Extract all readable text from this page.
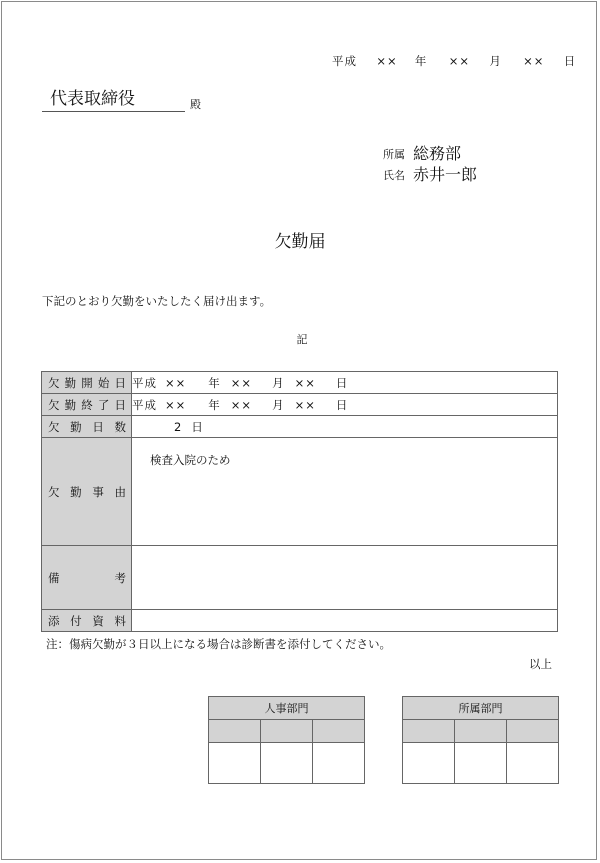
平成 ×× 年 ×× 月 ×× 日
代表取締役	殿
所属 総務部
氏名 赤井一郎
欠勤届
下記のとおり欠勤をいたしたく届け出ます。
記
欠 勤 開 始 日	平成 ×× 年 ×× 月 ×× 日

欠 勤 終 了 日	平成 ×× 年 ×× 月 ×× 日

欠 勤 日 数	2 日

欠 勤 事 由	検査入院のため

備 考	

添 付 資 料	

注：傷病欠勤が３日以上になる場合は診断書を添付してください。
以上
人事部門		

			所属部門		
